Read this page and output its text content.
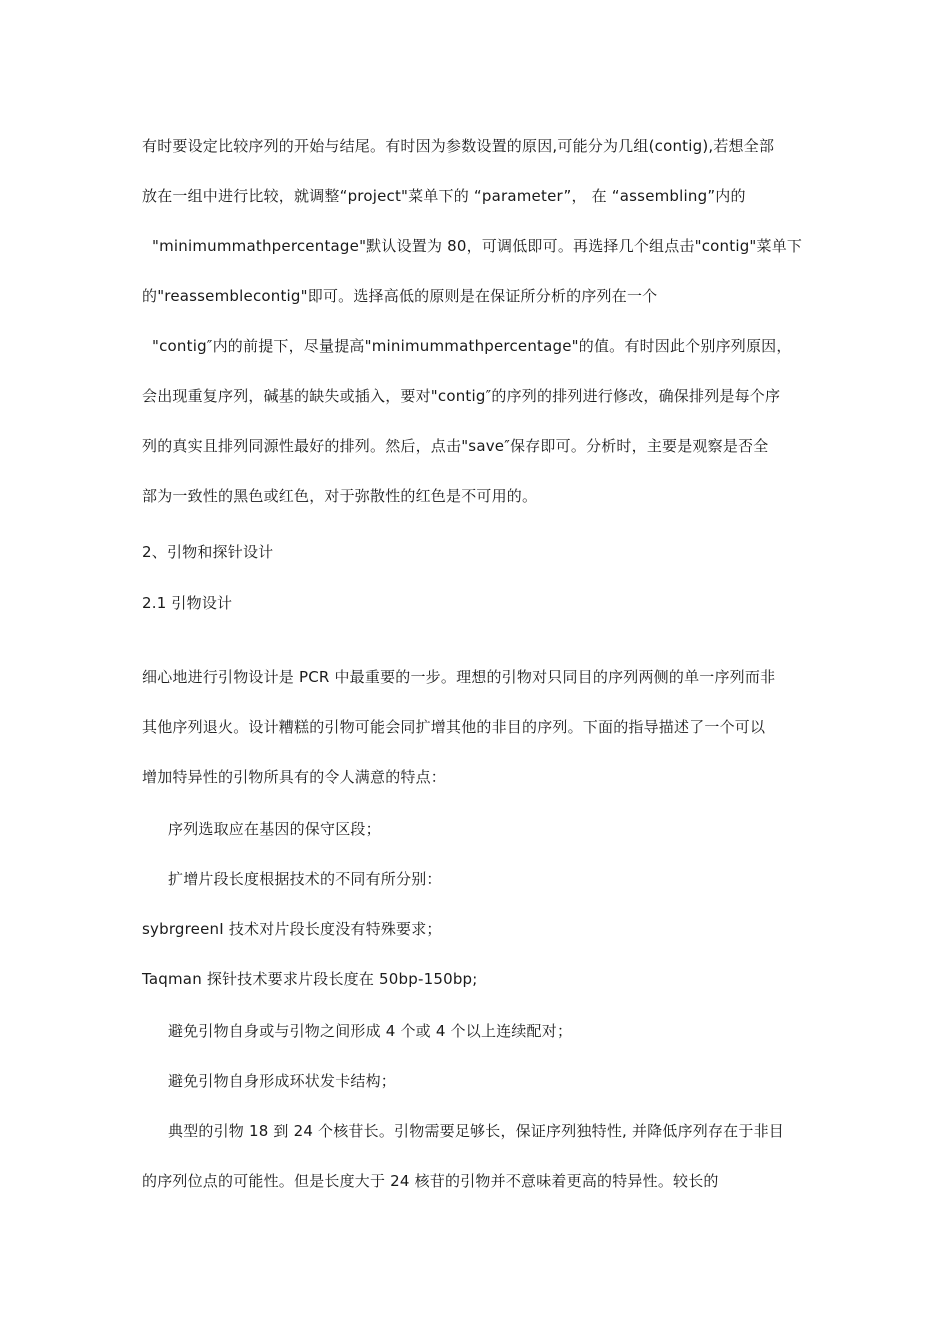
有时要设定比较序列的开始与结尾。有时因为参数设置的原因,可能分为几组(contig),若想全部
放在一组中进行比较，就调整“project"菜单下的 “parameter”， 在 “assembling”内的
"minimummathpercentage"默认设置为 80，可调低即可。再选择几个组点击"contig"菜单下
的"reassemblecontig"即可。选择高低的原则是在保证所分析的序列在一个
"contig″内的前提下，尽量提高"minimummathpercentage"的值。有时因此个别序列原因，
会出现重复序列，碱基的缺失或插入，要对"contig″的序列的排列进行修改，确保排列是每个序
列的真实且排列同源性最好的排列。然后，点击"save″保存即可。分析时，主要是观察是否全
部为一致性的黑色或红色，对于弥散性的红色是不可用的。
2、引物和探针设计
2.1 引物设计
细心地进行引物设计是 PCR 中最重要的一步。理想的引物对只同目的序列两侧的单一序列而非
其他序列退火。设计糟糕的引物可能会同扩增其他的非目的序列。下面的指导描述了一个可以
增加特异性的引物所具有的令人满意的特点：
序列选取应在基因的保守区段；
扩增片段长度根据技术的不同有所分别：
sybrgreenI 技术对片段长度没有特殊要求；
Taqman 探针技术要求片段长度在 50bp-150bp;
避免引物自身或与引物之间形成 4 个或 4 个以上连续配对；
避免引物自身形成环状发卡结构；
典型的引物 18 到 24 个核苷长。引物需要足够长，保证序列独特性, 并降低序列存在于非目
的序列位点的可能性。但是长度大于 24 核苷的引物并不意味着更高的特异性。较长的
